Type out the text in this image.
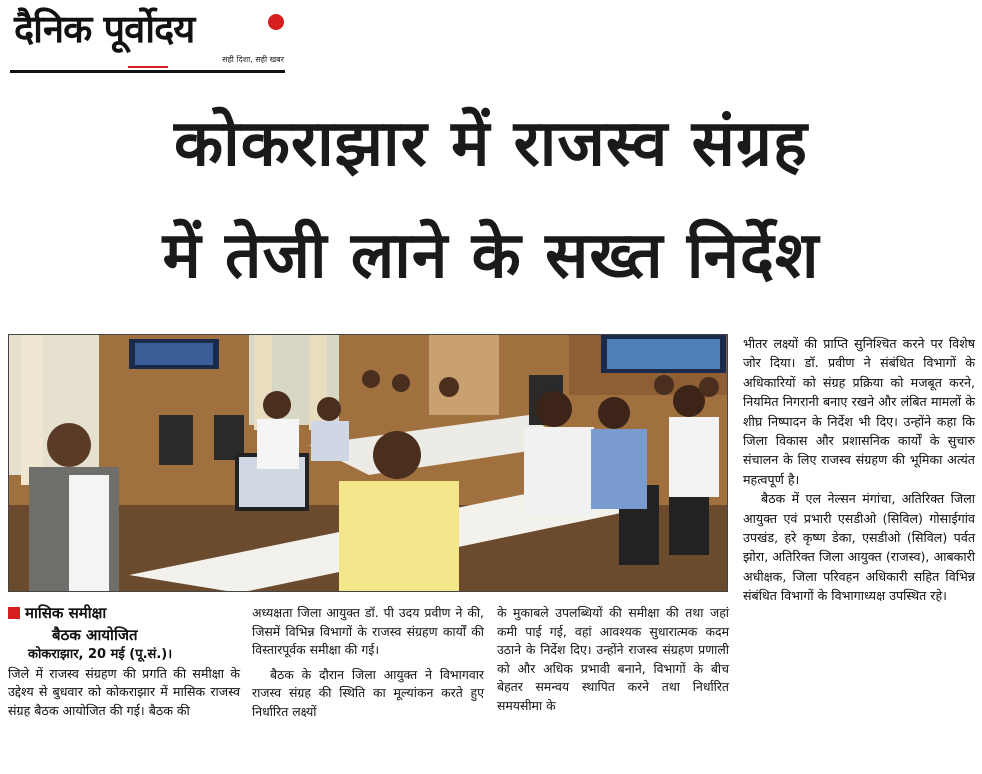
दैनिक पूर्वोदय
सही दिशा, सही खबर
कोकराझार में राजस्व संग्रह
में तेजी लाने के सख्त निर्देश
मासिक समीक्षा
बैठक आयोजित

कोकराझार, 20 मई (पू.सं.)।

जिले में राजस्व संग्रहण की प्रगति की समीक्षा के उद्देश्य से बुधवार को कोकराझार में मासिक राजस्व संग्रह बैठक आयोजित की गई। बैठक की

अध्यक्षता जिला आयुक्त डॉ. पी उदय प्रवीण ने की, जिसमें विभिन्न विभागों के राजस्व संग्रहण कार्यों की विस्तारपूर्वक समीक्षा की गई।

बैठक के दौरान जिला आयुक्त ने विभागवार राजस्व संग्रह की स्थिति का मूल्यांकन करते हुए निर्धारित लक्ष्यों

के मुकाबले उपलब्धियों की समीक्षा की तथा जहां कमी पाई गई, वहां आवश्यक सुधारात्मक कदम उठाने के निर्देश दिए। उन्होंने राजस्व संग्रहण प्रणाली को और अधिक प्रभावी बनाने, विभागों के बीच बेहतर समन्वय स्थापित करने तथा निर्धारित समयसीमा के

भीतर लक्ष्यों की प्राप्ति सुनिश्चित करने पर विशेष जोर दिया। डॉ. प्रवीण ने संबंधित विभागों के अधिकारियों को संग्रह प्रक्रिया को मजबूत करने, नियमित निगरानी बनाए रखने और लंबित मामलों के शीघ्र निष्पादन के निर्देश भी दिए। उन्होंने कहा कि जिला विकास और प्रशासनिक कार्यों के सुचारु संचालन के लिए राजस्व संग्रहण की भूमिका अत्यंत महत्वपूर्ण है।

बैठक में एल नेल्सन मंगांचा, अतिरिक्त जिला आयुक्त एवं प्रभारी एसडीओ (सिविल) गोसाईगांव उपखंड, हरे कृष्ण डेका, एसडीओ (सिविल) पर्वत झोरा, अतिरिक्त जिला आयुक्त (राजस्व), आबकारी अधीक्षक, जिला परिवहन अधिकारी सहित विभिन्न संबंधित विभागों के विभागाध्यक्ष उपस्थित रहे।
